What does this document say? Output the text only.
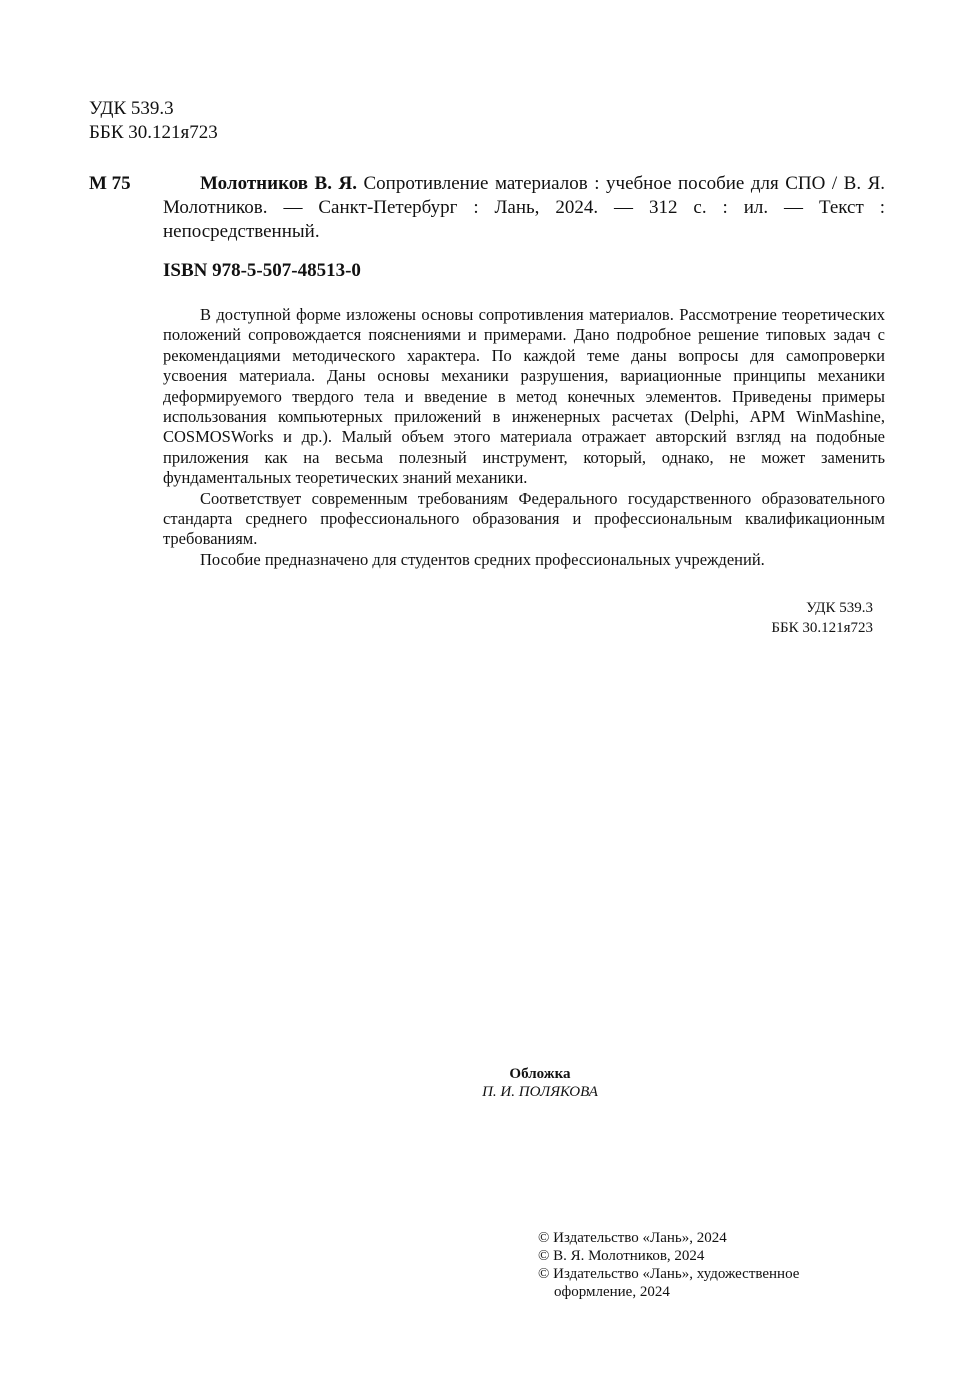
УДК 539.3
ББК 30.121я723
М 75	Молотников В. Я. Сопротивление материалов : учебное пособие для СПО / В. Я. Молотников. — Санкт-Петербург : Лань, 2024. — 312 с. : ил. — Текст : непосредственный.
ISBN 978-5-507-48513-0

В доступной форме изложены основы сопротивления материалов. Рассмотрение теоретических положений сопровождается пояснениями и примерами. Дано подробное решение типовых задач с рекомендациями методического характера. По каждой теме даны вопросы для самопроверки усвоения материала. Даны основы механики разрушения, вариационные принципы механики деформируемого твердого тела и введение в метод конечных элементов. Приведены примеры использования компьютерных приложений в инженерных расчетах (Delphi, APM WinMashine, COSMOSWorks и др.). Малый объем этого материала отражает авторский взгляд на подобные приложения как на весьма полезный инструмент, который, однако, не может заменить фундаментальных теоретических знаний механики.

Соответствует современным требованиям Федерального государственного образовательного стандарта среднего профессионального образования и профессиональным квалификационным требованиям.

Пособие предназначено для студентов средних профессиональных учреждений.

УДК 539.3
ББК 30.121я723
Обложка
П. И. ПОЛЯКОВА
© Издательство «Лань», 2024
© В. Я. Молотников, 2024
© Издательство «Лань», художественное
оформление, 2024
